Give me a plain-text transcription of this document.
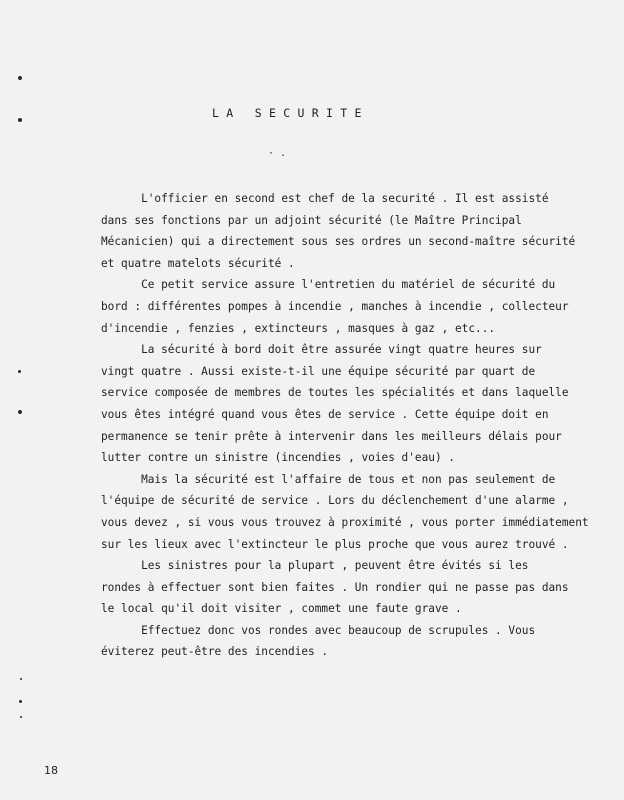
L A   S E C U R I T E
· .
L'officier en second est chef de la securité . Il est assisté
dans ses fonctions par un adjoint sécurité (le Maître Principal
Mécanicien) qui a directement sous ses ordres un second-maître sécurité
et quatre matelots sécurité .
Ce petit service assure l'entretien du matériel de sécurité du
bord : différentes pompes à incendie , manches à incendie , collecteur
d'incendie , fenzies , extincteurs , masques à gaz , etc...
La sécurité à bord doit être assurée vingt quatre heures sur
vingt quatre . Aussi existe-t-il une équipe sécurité par quart de
service composée de membres de toutes les spécialités et dans laquelle
vous êtes intégré quand vous êtes de service . Cette équipe doit en
permanence se tenir prête à intervenir dans les meilleurs délais pour
lutter contre un sinistre (incendies , voies d'eau) .
Mais la sécurité est l'affaire de tous et non pas seulement de
l'équipe de sécurité de service . Lors du déclenchement d'une alarme ,
vous devez , si vous vous trouvez à proximité , vous porter immédiatement
sur les lieux avec l'extincteur le plus proche que vous aurez trouvé .
Les sinistres pour la plupart , peuvent être évités si les
rondes à effectuer sont bien faites . Un rondier qui ne passe pas dans
le local qu'il doit visiter , commet une faute grave .
Effectuez donc vos rondes avec beaucoup de scrupules . Vous
éviterez peut-être des incendies .
18
